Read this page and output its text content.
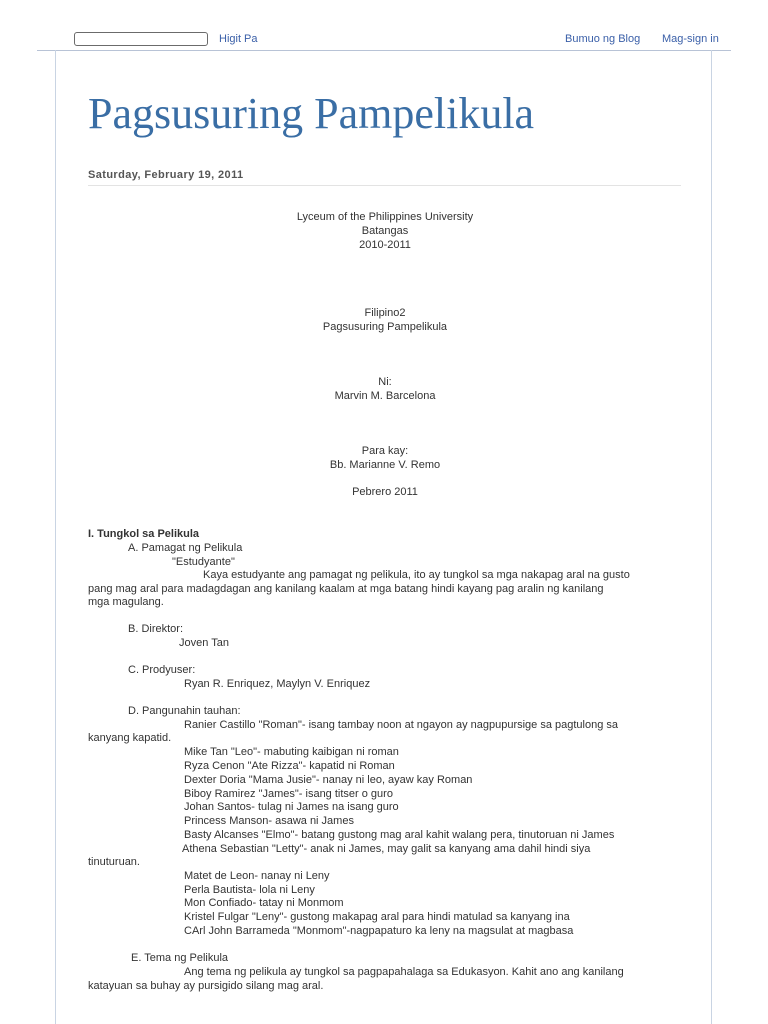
Higit Pa	Bumuo ng Blog Mag-sign in
Pagsusuring Pampelikula
Saturday, February 19, 2011
Lyceum of the Philippines University
Batangas
2010-2011
Filipino2
Pagsusuring Pampelikula
Ni:
Marvin M. Barcelona
Para kay:
Bb. Marianne V. Remo
Pebrero 2011
I. Tungkol sa Pelikula
A. Pamagat ng Pelikula
"Estudyante"
Kaya estudyante ang pamagat ng pelikula, ito ay tungkol sa mga nakapag aral na gusto
pang mag aral para madagdagan ang kanilang kaalam at mga batang hindi kayang pag aralin ng kanilang
mga magulang.
B. Direktor:
Joven Tan
C. Prodyuser:
Ryan R. Enriquez, Maylyn V. Enriquez
D. Pangunahin tauhan:
Ranier Castillo "Roman"- isang tambay noon at ngayon ay nagpupursige sa pagtulong sa
kanyang kapatid.
Mike Tan "Leo"- mabuting kaibigan ni roman
Ryza Cenon "Ate Rizza"- kapatid ni Roman
Dexter Doria "Mama Jusie"- nanay ni leo, ayaw kay Roman
Biboy Ramirez "James"- isang titser o guro
Johan Santos- tulag ni James na isang guro
Princess Manson- asawa ni James
Basty Alcanses "Elmo"- batang gustong mag aral kahit walang pera, tinutoruan ni James
Athena Sebastian "Letty"- anak ni James, may galit sa kanyang ama dahil hindi siya
tinuturuan.
Matet de Leon- nanay ni Leny
Perla Bautista- lola ni Leny
Mon Confiado- tatay ni Monmom
Kristel Fulgar "Leny"- gustong makapag aral para hindi matulad sa kanyang ina
CArl John Barrameda "Monmom"-nagpapaturo ka leny na magsulat at magbasa
E. Tema ng Pelikula
Ang tema ng pelikula ay tungkol sa pagpapahalaga sa Edukasyon. Kahit ano ang kanilang
katayuan sa buhay ay pursigido silang mag aral.
